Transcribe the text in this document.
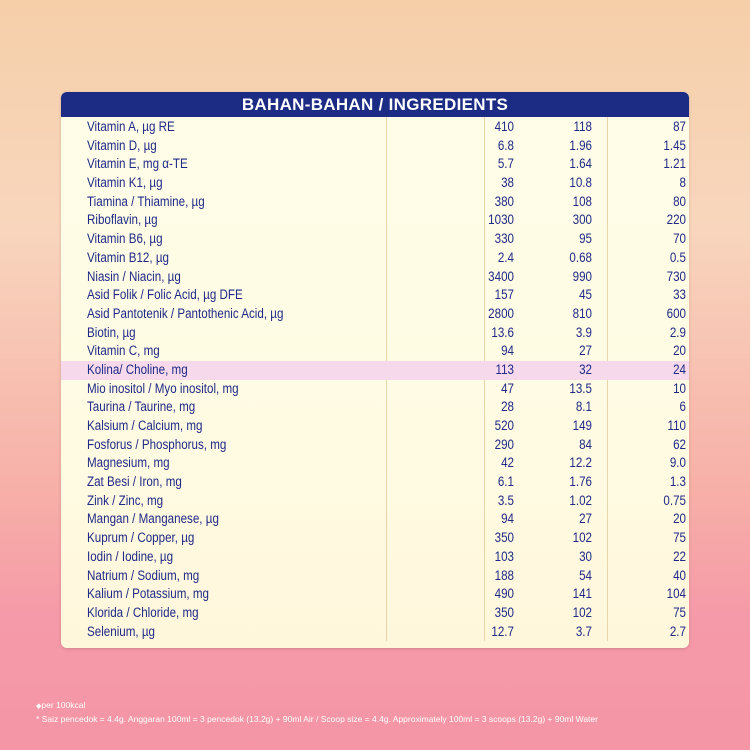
BAHAN-BAHAN / INGREDIENTS
Vitamin A, µg RE	410	118	87
Vitamin D, µg	6.8	1.96	1.45
Vitamin E, mg α-TE	5.7	1.64	1.21
Vitamin K1, µg	38	10.8	8
Tiamina / Thiamine, µg	380	108	80
Riboflavin, µg	1030	300	220
Vitamin B6, µg	330	95	70
Vitamin B12, µg	2.4	0.68	0.5
Niasin / Niacin, µg	3400	990	730
Asid Folik / Folic Acid, µg DFE	157	45	33
Asid Pantotenik / Pantothenic Acid, µg	2800	810	600
Biotin, µg	13.6	3.9	2.9
Vitamin C, mg	94	27	20
Kolina/ Choline, mg	113	32	24
Mio inositol / Myo inositol, mg	47	13.5	10
Taurina / Taurine, mg	28	8.1	6
Kalsium / Calcium, mg	520	149	110
Fosforus / Phosphorus, mg	290	84	62
Magnesium, mg	42	12.2	9.0
Zat Besi / Iron, mg	6.1	1.76	1.3
Zink / Zinc, mg	3.5	1.02	0.75
Mangan / Manganese, µg	94	27	20
Kuprum / Copper, µg	350	102	75
Iodin / Iodine, µg	103	30	22
Natrium / Sodium, mg	188	54	40
Kalium / Potassium, mg	490	141	104
Klorida / Chloride, mg	350	102	75
Selenium, µg	12.7	3.7	2.7
◆per 100kcal
* Saiz pencedok = 4.4g. Anggaran 100ml = 3 pencedok (13.2g) + 90ml Air / Scoop size = 4.4g. Approximately 100ml = 3 scoops (13.2g) + 90ml Water
